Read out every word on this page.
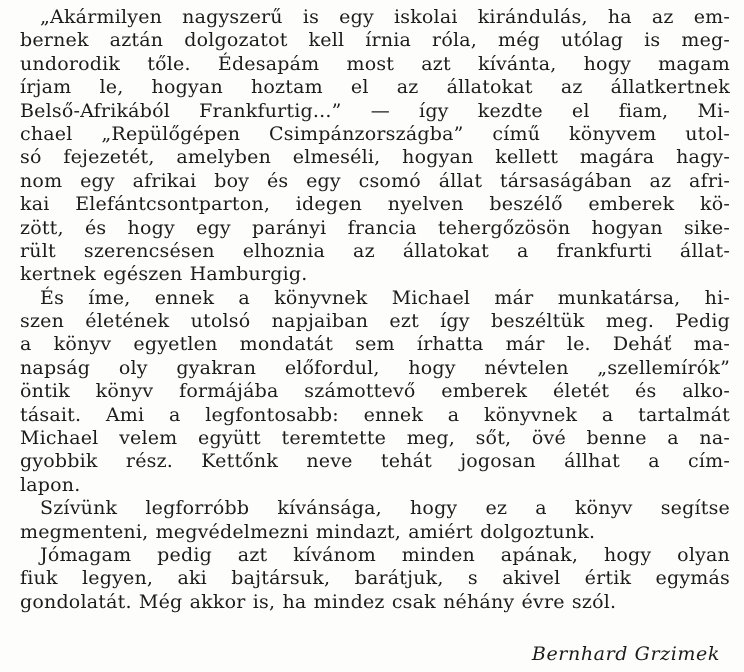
„Akármilyen nagyszerű is egy iskolai kirándulás, ha az em-
bernek aztán dolgozatot kell írnia róla, még utólag is meg-
undorodik tőle. Édesapám most azt kívánta, hogy magam
írjam le, hogyan hoztam el az állatokat az állatkertnek
Belső-Afrikából Frankfurtig...” — így kezdte el fiam, Mi-
chael „Repülőgépen Csimpánzországba” című könyvem utol-
só fejezetét, amelyben elmeséli, hogyan kellett magára hagy-
nom egy afrikai boy és egy csomó állat társaságában az afri-
kai Elefántcsontparton, idegen nyelven beszélő emberek kö-
zött, és hogy egy parányi francia tehergőzösön hogyan sike-
rült szerencsésen elhoznia az állatokat a frankfurti állat-
kertnek egészen Hamburgig.
És íme, ennek a könyvnek Michael már munkatársa, hi-
szen életének utolsó napjaiban ezt így beszéltük meg. Pedig
a könyv egyetlen mondatát sem írhatta már le. Deháť ma-
napság oly gyakran előfordul, hogy névtelen „szellemírók”
öntik könyv formájába számottevő emberek életét és alko-
tásait. Ami a legfontosabb: ennek a könyvnek a tartalmát
Michael velem együtt teremtette meg, sőt, övé benne a na-
gyobbik rész. Kettőnk neve tehát jogosan állhat a cím-
lapon.
Szívünk legforróbb kívánsága, hogy ez a könyv segítse
megmenteni, megvédelmezni mindazt, amiért dolgoztunk.
Jómagam pedig azt kívánom minden apának, hogy olyan
fiuk legyen, aki bajtársuk, barátjuk, s akivel értik egymás
gondolatát. Még akkor is, ha mindez csak néhány évre szól.
Bernhard Grzimek
